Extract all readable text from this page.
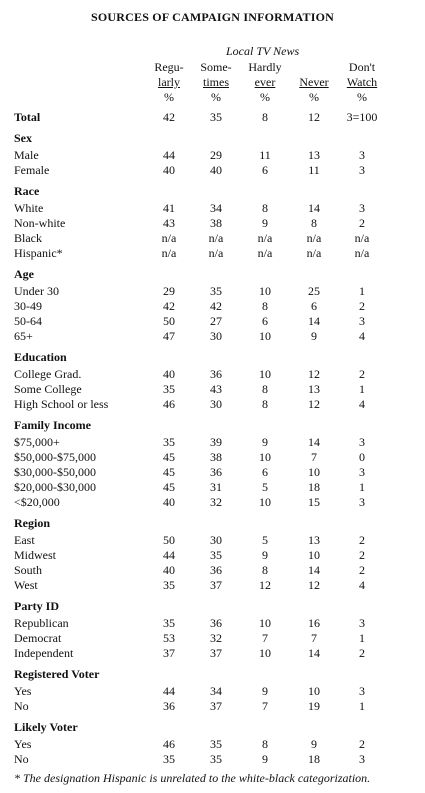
SOURCES OF CAMPAIGN INFORMATION
Local TV News
	Regu-	Some-	Hardly		Don't
	larly	times	ever	Never	Watch
	%	%	%	%	%
Total	42	35	8	12	3=100
Sex					
Male	44	29	11	13	3
Female	40	40	6	11	3
Race					
White	41	34	8	14	3
Non-white	43	38	9	8	2
Black	n/a	n/a	n/a	n/a	n/a
Hispanic*	n/a	n/a	n/a	n/a	n/a
Age					
Under 30	29	35	10	25	1
30-49	42	42	8	6	2
50-64	50	27	6	14	3
65+	47	30	10	9	4
Education					
College Grad.	40	36	10	12	2
Some College	35	43	8	13	1
High School or less	46	30	8	12	4
Family Income					
$75,000+	35	39	9	14	3
$50,000-$75,000	45	38	10	7	0
$30,000-$50,000	45	36	6	10	3
$20,000-$30,000	45	31	5	18	1
<$20,000	40	32	10	15	3
Region					
East	50	30	5	13	2
Midwest	44	35	9	10	2
South	40	36	8	14	2
West	35	37	12	12	4
Party ID					
Republican	35	36	10	16	3
Democrat	53	32	7	7	1
Independent	37	37	10	14	2
Registered Voter					
Yes	44	34	9	10	3
No	36	37	7	19	1
Likely Voter					
Yes	46	35	8	9	2
No	35	35	9	18	3
* The designation Hispanic is unrelated to the white-black categorization.
